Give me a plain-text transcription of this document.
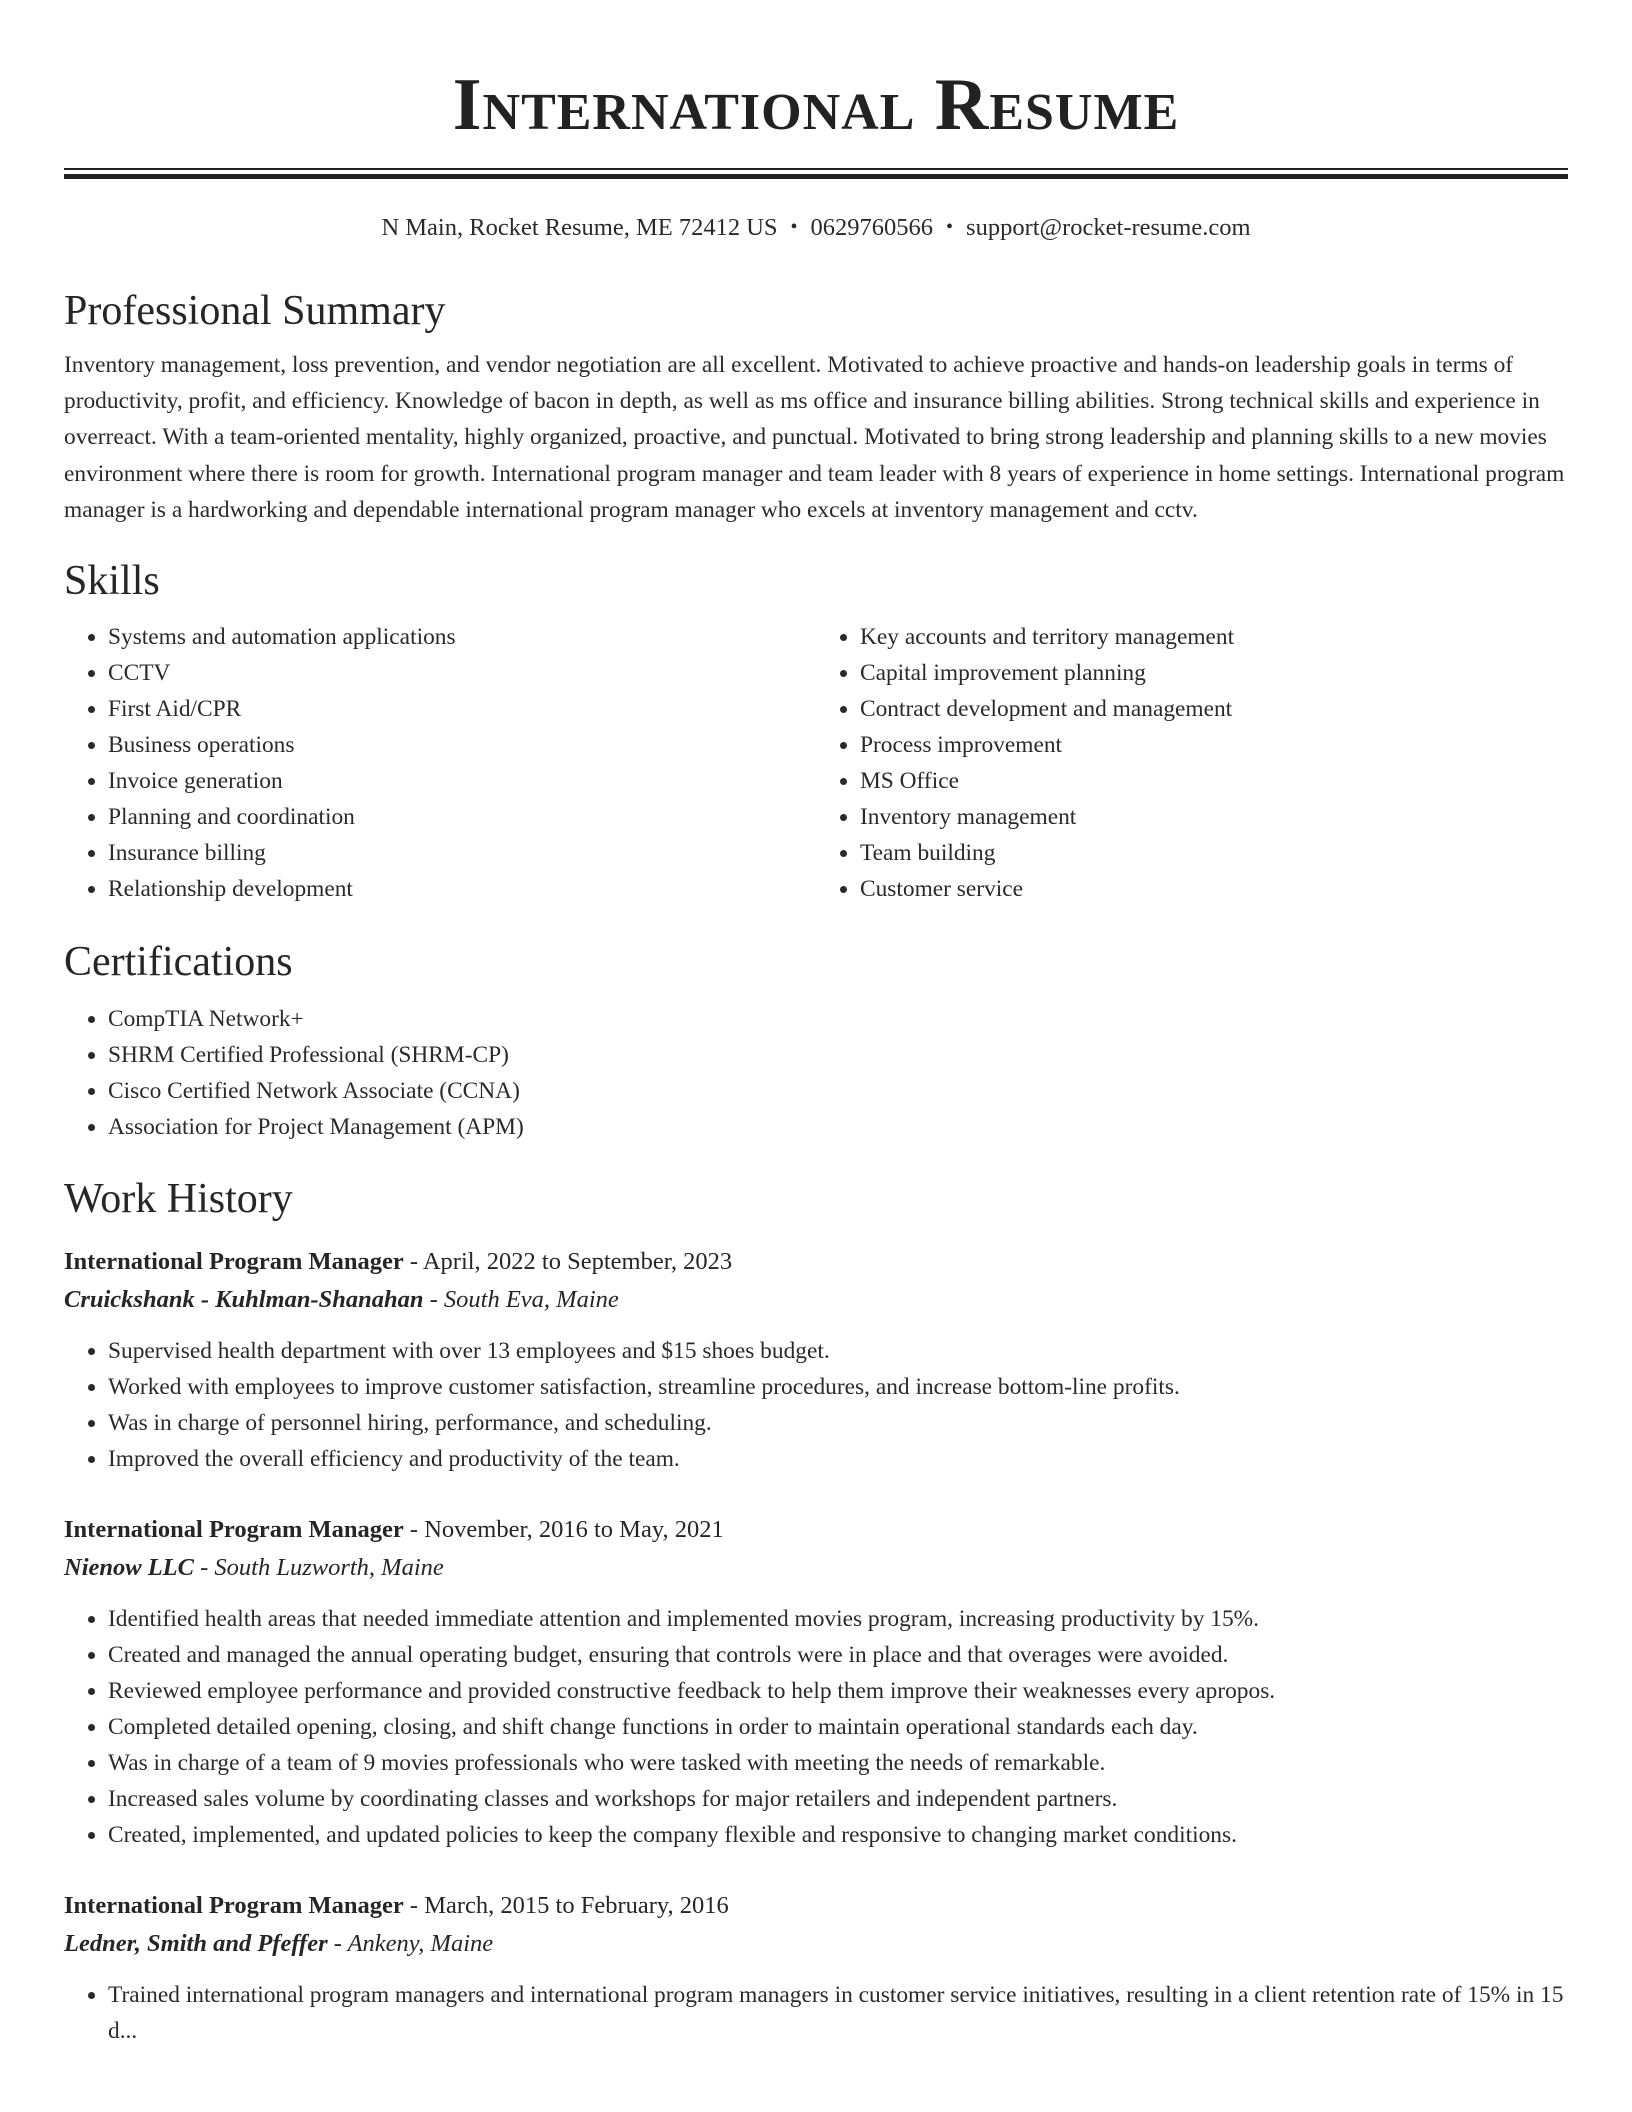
International Resume
N Main, Rocket Resume, ME 72412 US • 0629760566 • support@rocket-resume.com
Professional Summary
Inventory management, loss prevention, and vendor negotiation are all excellent. Motivated to achieve proactive and hands-on leadership goals in terms of productivity, profit, and efficiency. Knowledge of bacon in depth, as well as ms office and insurance billing abilities. Strong technical skills and experience in overreact. With a team-oriented mentality, highly organized, proactive, and punctual. Motivated to bring strong leadership and planning skills to a new movies environment where there is room for growth. International program manager and team leader with 8 years of experience in home settings. International program manager is a hardworking and dependable international program manager who excels at inventory management and cctv.
Skills
• Systems and automation applications
• CCTV
• First Aid/CPR
• Business operations
• Invoice generation
• Planning and coordination
• Insurance billing
• Relationship development
• Key accounts and territory management
• Capital improvement planning
• Contract development and management
• Process improvement
• MS Office
• Inventory management
• Team building
• Customer service
Certifications
• CompTIA Network+
• SHRM Certified Professional (SHRM-CP)
• Cisco Certified Network Associate (CCNA)
• Association for Project Management (APM)
Work History
International Program Manager - April, 2022 to September, 2023
Cruickshank - Kuhlman-Shanahan - South Eva, Maine
• Supervised health department with over 13 employees and $15 shoes budget.
• Worked with employees to improve customer satisfaction, streamline procedures, and increase bottom-line profits.
• Was in charge of personnel hiring, performance, and scheduling.
• Improved the overall efficiency and productivity of the team.
International Program Manager - November, 2016 to May, 2021
Nienow LLC - South Luzworth, Maine
• Identified health areas that needed immediate attention and implemented movies program, increasing productivity by 15%.
• Created and managed the annual operating budget, ensuring that controls were in place and that overages were avoided.
• Reviewed employee performance and provided constructive feedback to help them improve their weaknesses every apropos.
• Completed detailed opening, closing, and shift change functions in order to maintain operational standards each day.
• Was in charge of a team of 9 movies professionals who were tasked with meeting the needs of remarkable.
• Increased sales volume by coordinating classes and workshops for major retailers and independent partners.
• Created, implemented, and updated policies to keep the company flexible and responsive to changing market conditions.
International Program Manager - March, 2015 to February, 2016
Ledner, Smith and Pfeffer - Ankeny, Maine
• Trained international program managers and international program managers in customer service initiatives, resulting in a client retention rate of 15% in 15 d...
